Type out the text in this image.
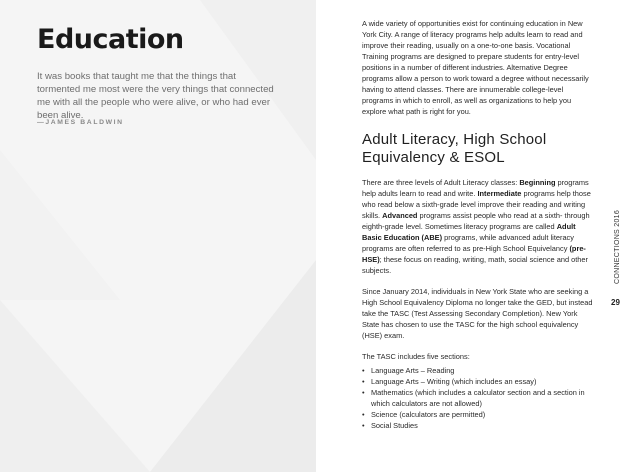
Education
It was books that taught me that the things that tormented me most were the very things that connected me with all the people who were alive, or who had ever been alive.
—JAMES BALDWIN

A wide variety of opportunities exist for continuing education in New York City. A range of literacy programs help adults learn to read and improve their reading, usually on a one-to-one basis. Vocational Training programs are designed to prepare students for entry-level positions in a number of different industries. Alternative Degree programs allow a person to work toward a degree without necessarily having to attend classes. There are innumerable college-level programs in which to enroll, as well as organizations to help you explore what path is right for you.

Adult Literacy, High School Equivalency & ESOL

There are three levels of Adult Literacy classes: Beginning programs help adults learn to read and write. Intermediate programs help those who read below a sixth-grade level improve their reading and writing skills. Advanced programs assist people who read at a sixth- through eighth-grade level. Sometimes literacy programs are called Adult Basic Education (ABE) programs, while advanced adult literacy programs are often referred to as pre-High School Equivelancy (pre-HSE); these focus on reading, writing, math, social science and other subjects.

Since January 2014, individuals in New York State who are seeking a High School Equivalency Diploma no longer take the GED, but instead take the TASC (Test Assessing Secondary Completion). New York State has chosen to use the TASC for the high school equivalency (HSE) exam.

The TASC includes five sections:
• Language Arts – Reading
• Language Arts – Writing (which includes an essay)
• Mathematics (which includes a calculator section and a section in which calculators are not allowed)
• Science (calculators are permitted)
• Social Studies
CONNECTIONS 2016
29
